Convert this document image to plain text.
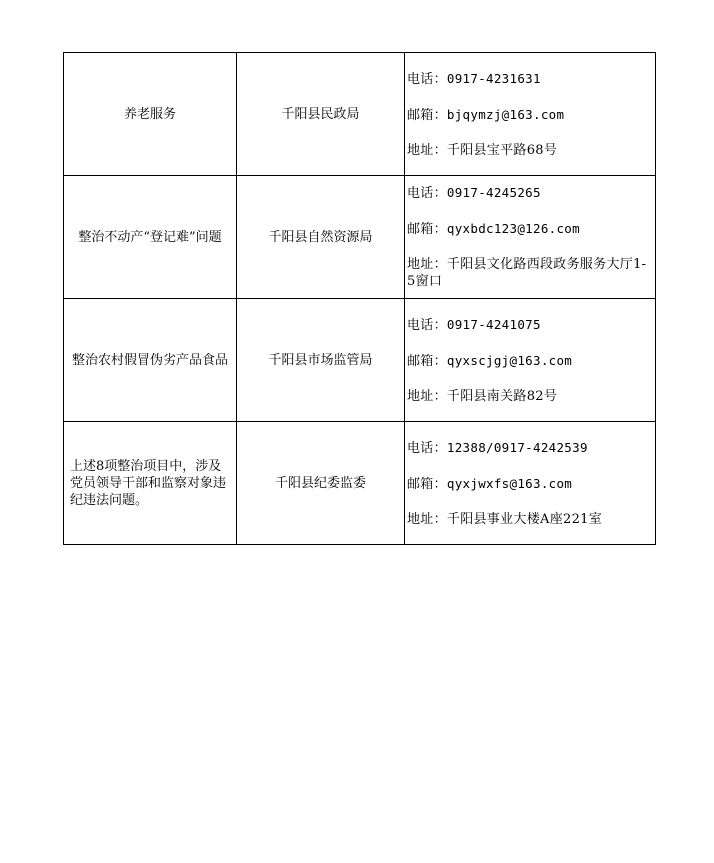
养老服务	千阳县民政局	电话：0917-4231631
邮箱：bjqymzj@163.com
地址：千阳县宝平路68号

整治不动产“登记难”问题	千阳县自然资源局	电话：0917-4245265
邮箱：qyxbdc123@126.com
地址：千阳县文化路西段政务服务大厅1-5窗口

整治农村假冒伪劣产品食品	千阳县市场监管局	电话：0917-4241075
邮箱：qyxscjgj@163.com
地址：千阳县南关路82号

上述8项整治项目中，涉及党员领导干部和监察对象违纪违法问题。	千阳县纪委监委	电话：12388/0917-4242539
邮箱：qyxjwxfs@163.com
地址：千阳县事业大楼A座221室
